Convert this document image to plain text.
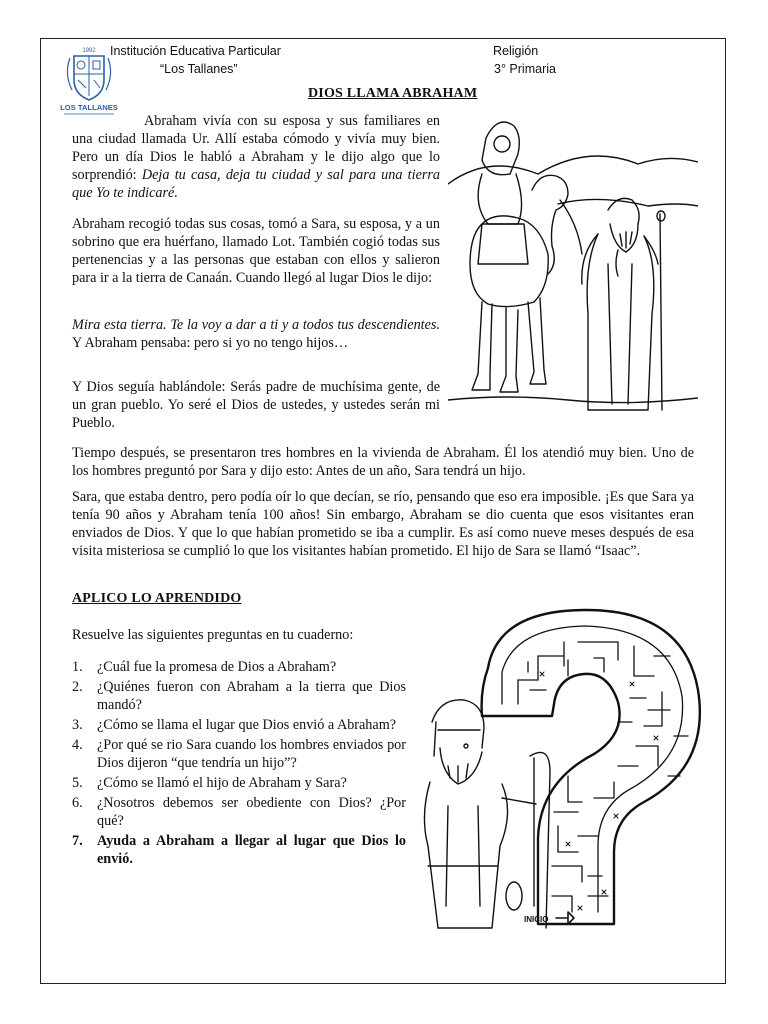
1992
LOS TALLANES
Institución Educativa Particular
“Los Tallanes”
Religión
3° Primaria
DIOS LLAMA ABRAHAM
Abraham vivía con su esposa y sus familiares en una ciudad llamada Ur. Allí estaba cómodo y vivía muy bien. Pero un día Dios le habló a Abraham y le dijo algo que lo sorprendió: Deja tu casa, deja tu ciudad y sal para una tierra que Yo te indicaré.
Abraham recogió todas sus cosas, tomó a Sara, su esposa, y a un sobrino que era huérfano, llamado Lot. También cogió todas sus pertenencias y a las personas que estaban con ellos y salieron para ir a la tierra de Canaán. Cuando llegó al lugar Dios le dijo:
Mira esta tierra. Te la voy a dar a ti y a todos tus descendientes. Y Abraham pensaba: pero si yo no tengo hijos…
Y Dios seguía hablándole: Serás padre de muchísima gente, de un gran pueblo. Yo seré el Dios de ustedes, y ustedes serán mi Pueblo.
Tiempo después, se presentaron tres hombres en la vivienda de Abraham. Él los atendió muy bien. Uno de los hombres preguntó por Sara y dijo esto: Antes de un año, Sara tendrá un hijo.
Sara, que estaba dentro, pero podía oír lo que decían, se río, pensando que eso era imposible. ¡Es que Sara ya tenía 90 años y Abraham tenía 100 años! Sin embargo, Abraham se dio cuenta que esos visitantes eran enviados de Dios. Y que lo que habían prometido se iba a cumplir. Es así como nueve meses después de esa visita misteriosa se cumplió lo que los visitantes habían prometido. El hijo de Sara se llamó “Isaac”.
APLICO LO APRENDIDO
Resuelve las siguientes preguntas en tu cuaderno:
1. ¿Cuál fue la promesa de Dios a Abraham?
2. ¿Quiénes fueron con Abraham a la tierra que Dios mandó?
3. ¿Cómo se llama el lugar que Dios envió a Abraham?
4. ¿Por qué se rio Sara cuando los hombres enviados por Dios dijeron “que tendría un hijo”?
5. ¿Cómo se llamó el hijo de Abraham y Sara?
6. ¿Nosotros debemos ser obediente con Dios? ¿Por qué?
7. Ayuda a Abraham a llegar al lugar que Dios lo envió.
INICIO
